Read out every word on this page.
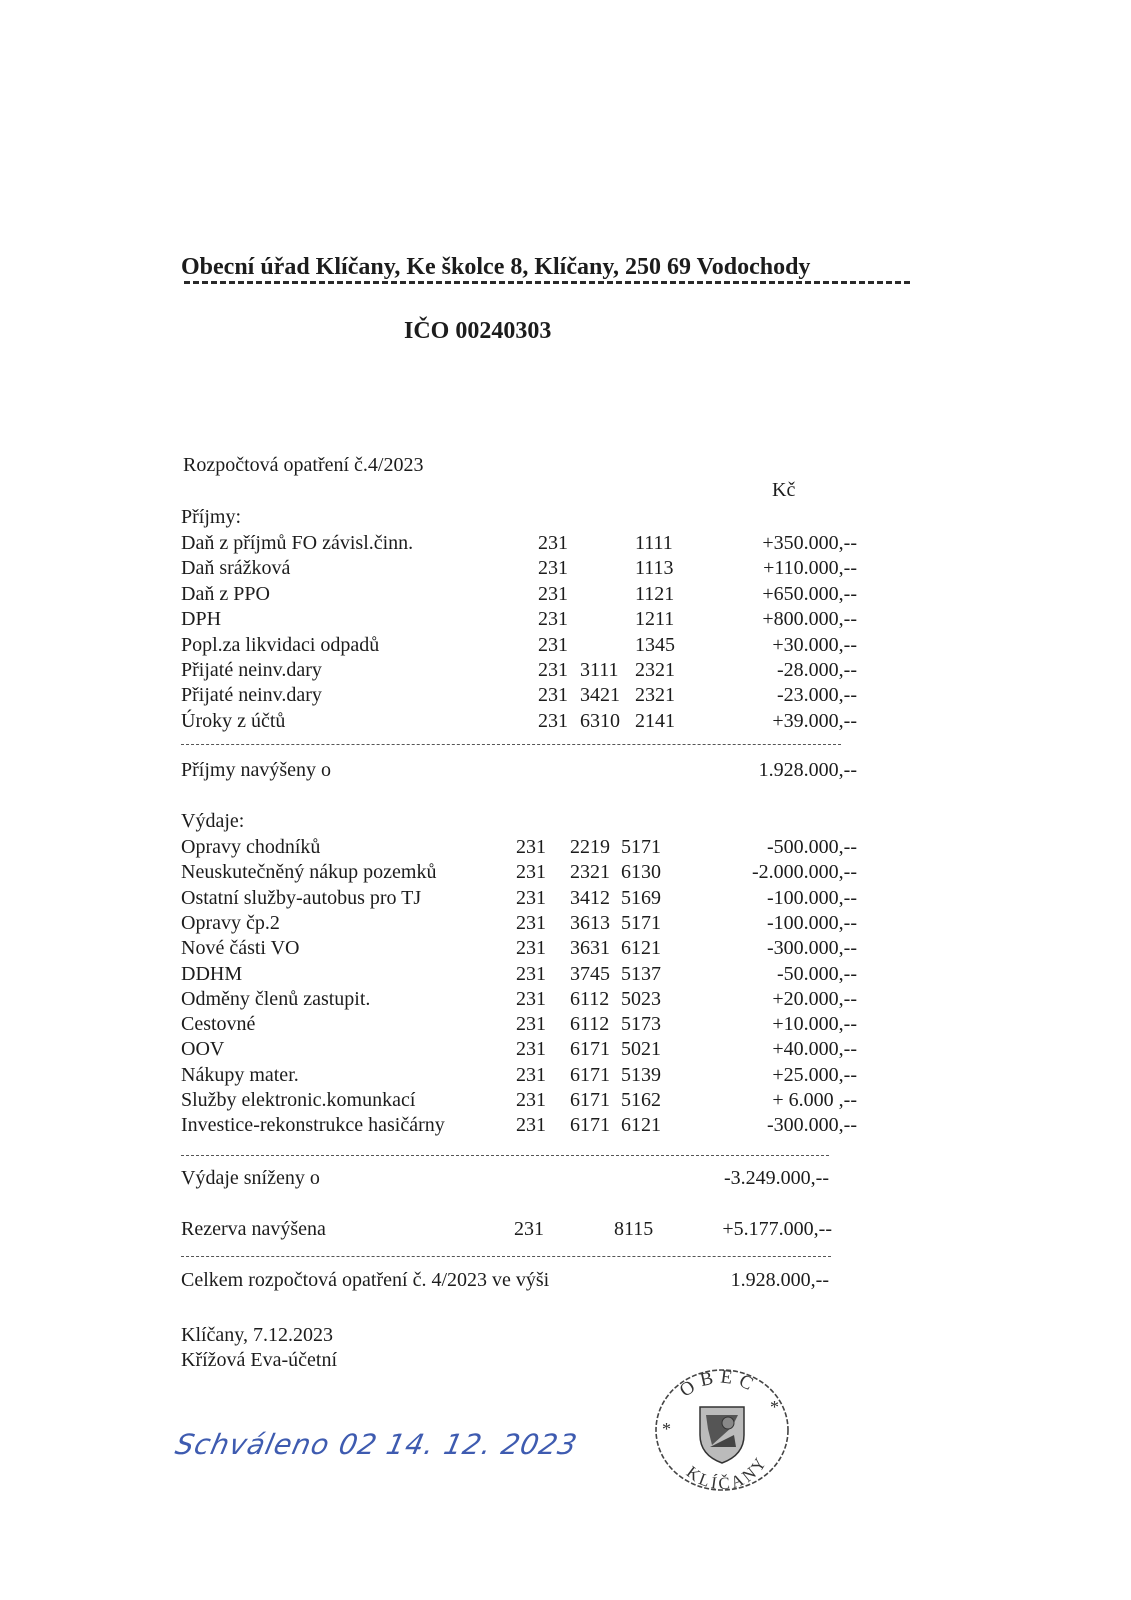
Obecní úřad Klíčany, Ke školce 8, Klíčany, 250 69 Vodochody
IČO 00240303
Rozpočtová opatření č.4/2023
Kč
Příjmy:
Daň z příjmů FO závisl.činn.	231	1111	+350.000,--
Daň srážková	231	1113	+110.000,--
Daň z PPO	231	1121	+650.000,--
DPH	231	1211	+800.000,--
Popl.za likvidaci odpadů	231	1345	+30.000,--
Přijaté neinv.dary	231 3111 2321	-28.000,--
Přijaté neinv.dary	231 3421 2321	-23.000,--
Úroky z účtů	231 6310 2141	+39.000,--
Příjmy navýšeny o	1.928.000,--
Výdaje:
Opravy chodníků	231 2219 5171	-500.000,--
Neuskutečněný nákup pozemků	231 2321 6130	-2.000.000,--
Ostatní služby-autobus pro TJ	231 3412 5169	-100.000,--
Opravy čp.2	231 3613 5171	-100.000,--
Nové části VO	231 3631 6121	-300.000,--
DDHM	231 3745 5137	-50.000,--
Odměny členů zastupit.	231 6112 5023	+20.000,--
Cestovné	231 6112 5173	+10.000,--
OOV	231 6171 5021	+40.000,--
Nákupy mater.	231 6171 5139	+25.000,--
Služby elektronic.komunkací	231 6171 5162	+ 6.000 ,--
Investice-rekonstrukce hasičárny	231 6171 6121	-300.000,--
Výdaje sníženy o	-3.249.000,--
Rezerva navýšena	231	8115	+5.177.000,--
Celkem rozpočtová opatření č. 4/2023 ve výši	1.928.000,--
Klíčany, 7.12.2023
Křížová Eva-účetní
Schváleno 02 14. 12. 2023
OBEC
KLÍČANY
*
*
